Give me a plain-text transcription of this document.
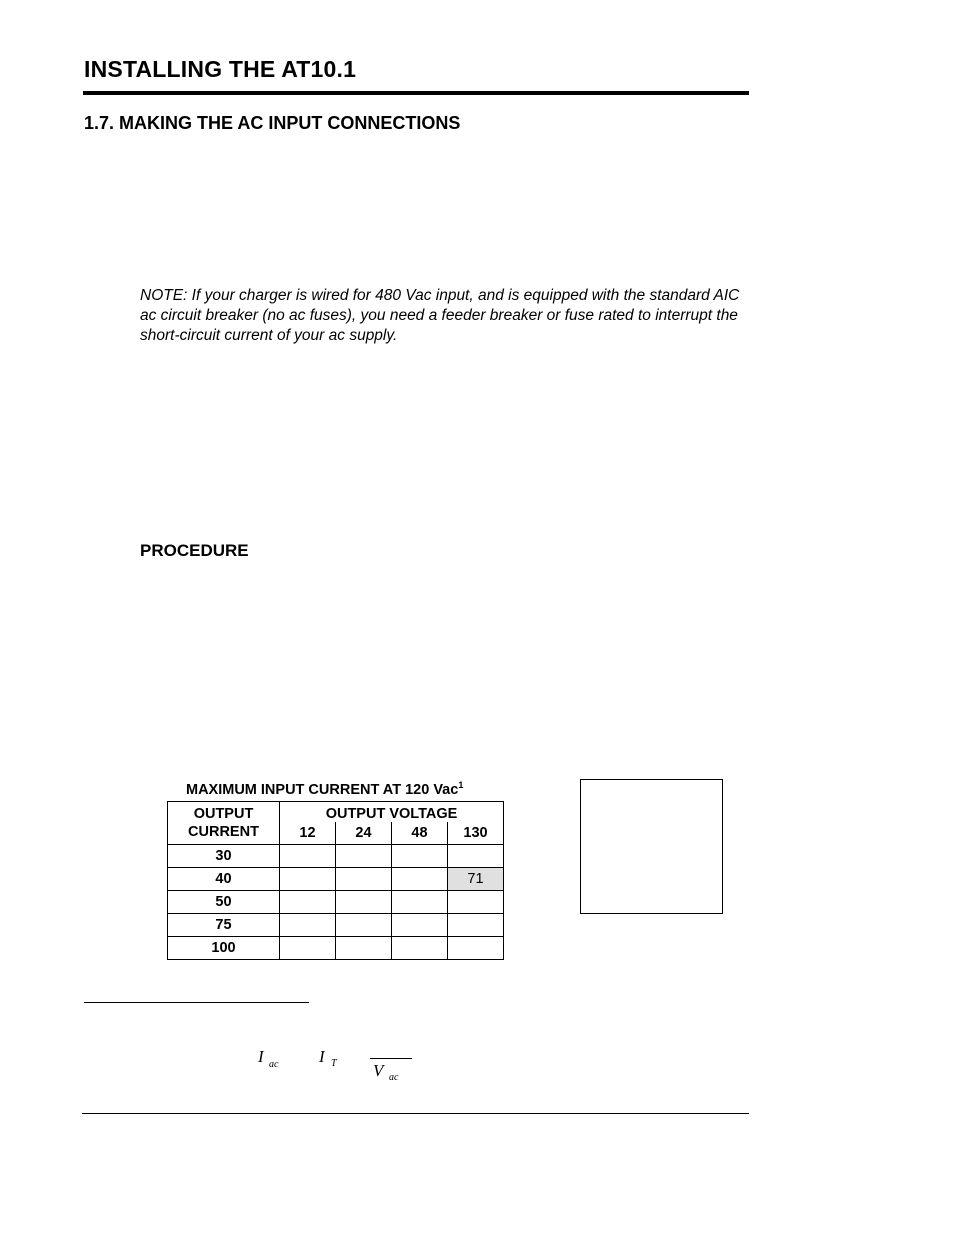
INSTALLING THE AT10.1
1.7. MAKING THE AC INPUT CONNECTIONS
NOTE: If your charger is wired for 480 Vac input, and is equipped with the standard AIC ac circuit breaker (no ac fuses), you need a feeder breaker or fuse rated to interrupt the short-circuit current of your ac supply.
PROCEDURE
MAXIMUM INPUT CURRENT AT 120 Vac$^1$
OUTPUT
CURRENT	OUTPUT VOLTAGE			
	12	24	48	130
30				
40				71
50				
75				
100				
I ac I T V ac
